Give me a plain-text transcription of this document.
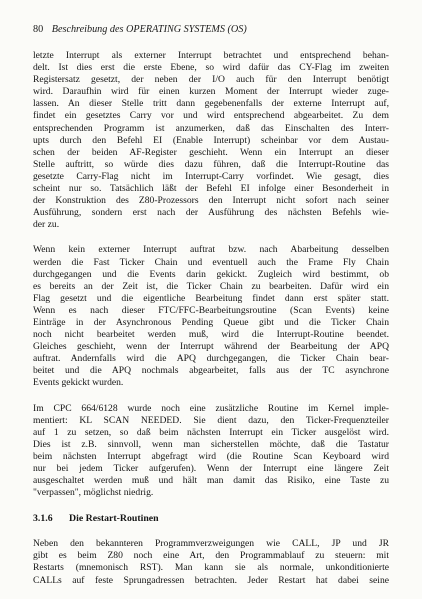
80 Beschreibung des OPERATING SYSTEMS (OS)

letzte Interrupt als externer Interrupt betrachtet und entsprechend behan-
delt. Ist dies erst die erste Ebene, so wird dafür das CY-Flag im zweiten
Registersatz gesetzt, der neben der I/O auch für den Interrupt benötigt
wird. Daraufhin wird für einen kurzen Moment der Interrupt wieder zuge-
lassen. An dieser Stelle tritt dann gegebenenfalls der externe Interrupt auf,
findet ein gesetztes Carry vor und wird entsprechend abgearbeitet. Zu dem
entsprechenden Programm ist anzumerken, daß das Einschalten des Interr-
upts durch den Befehl EI (Enable Interrupt) scheinbar vor dem Austau-
schen der beiden AF-Register geschieht. Wenn ein Interrupt an dieser
Stelle auftritt, so würde dies dazu führen, daß die Interrupt-Routine das
gesetzte Carry-Flag nicht im Interrupt-Carry vorfindet. Wie gesagt, dies
scheint nur so. Tatsächlich läßt der Befehl EI infolge einer Besonderheit in
der Konstruktion des Z80-Prozessors den Interrupt nicht sofort nach seiner
Ausführung, sondern erst nach der Ausführung des nächsten Befehls wie-
der zu.

Wenn kein externer Interrupt auftrat bzw. nach Abarbeitung desselben
werden die Fast Ticker Chain und eventuell auch the Frame Fly Chain
durchgegangen und die Events darin gekickt. Zugleich wird bestimmt, ob
es bereits an der Zeit ist, die Ticker Chain zu bearbeiten. Dafür wird ein
Flag gesetzt und die eigentliche Bearbeitung findet dann erst später statt.
Wenn es nach dieser FTC/FFC-Bearbeitungsroutine (Scan Events) keine
Einträge in der Asynchronous Pending Queue gibt und die Ticker Chain
noch nicht bearbeitet werden muß, wird die Interrupt-Routine beendet.
Gleiches geschieht, wenn der Interrupt während der Bearbeitung der APQ
auftrat. Andernfalls wird die APQ durchgegangen, die Ticker Chain bear-
beitet und die APQ nochmals abgearbeitet, falls aus der TC asynchrone
Events gekickt wurden.

Im CPC 664/6128 wurde noch eine zusätzliche Routine im Kernel imple-
mentiert: KL SCAN NEEDED. Sie dient dazu, den Ticker-Frequenzteiler
auf 1 zu setzen, so daß beim nächsten Interrupt ein Ticker ausgelöst wird.
Dies ist z.B. sinnvoll, wenn man sicherstellen möchte, daß die Tastatur
beim nächsten Interrupt abgefragt wird (die Routine Scan Keyboard wird
nur bei jedem Ticker aufgerufen). Wenn der Interrupt eine längere Zeit
ausgeschaltet werden muß und hält man damit das Risiko, eine Taste zu
"verpassen", möglichst niedrig.

3.1.6 Die Restart-Routinen

Neben den bekannteren Programmverzweigungen wie CALL, JP und JR
gibt es beim Z80 noch eine Art, den Programmablauf zu steuern: mit
Restarts (mnemonisch RST). Man kann sie als normale, unkonditionierte
CALLs auf feste Sprungadressen betrachten. Jeder Restart hat dabei seine
